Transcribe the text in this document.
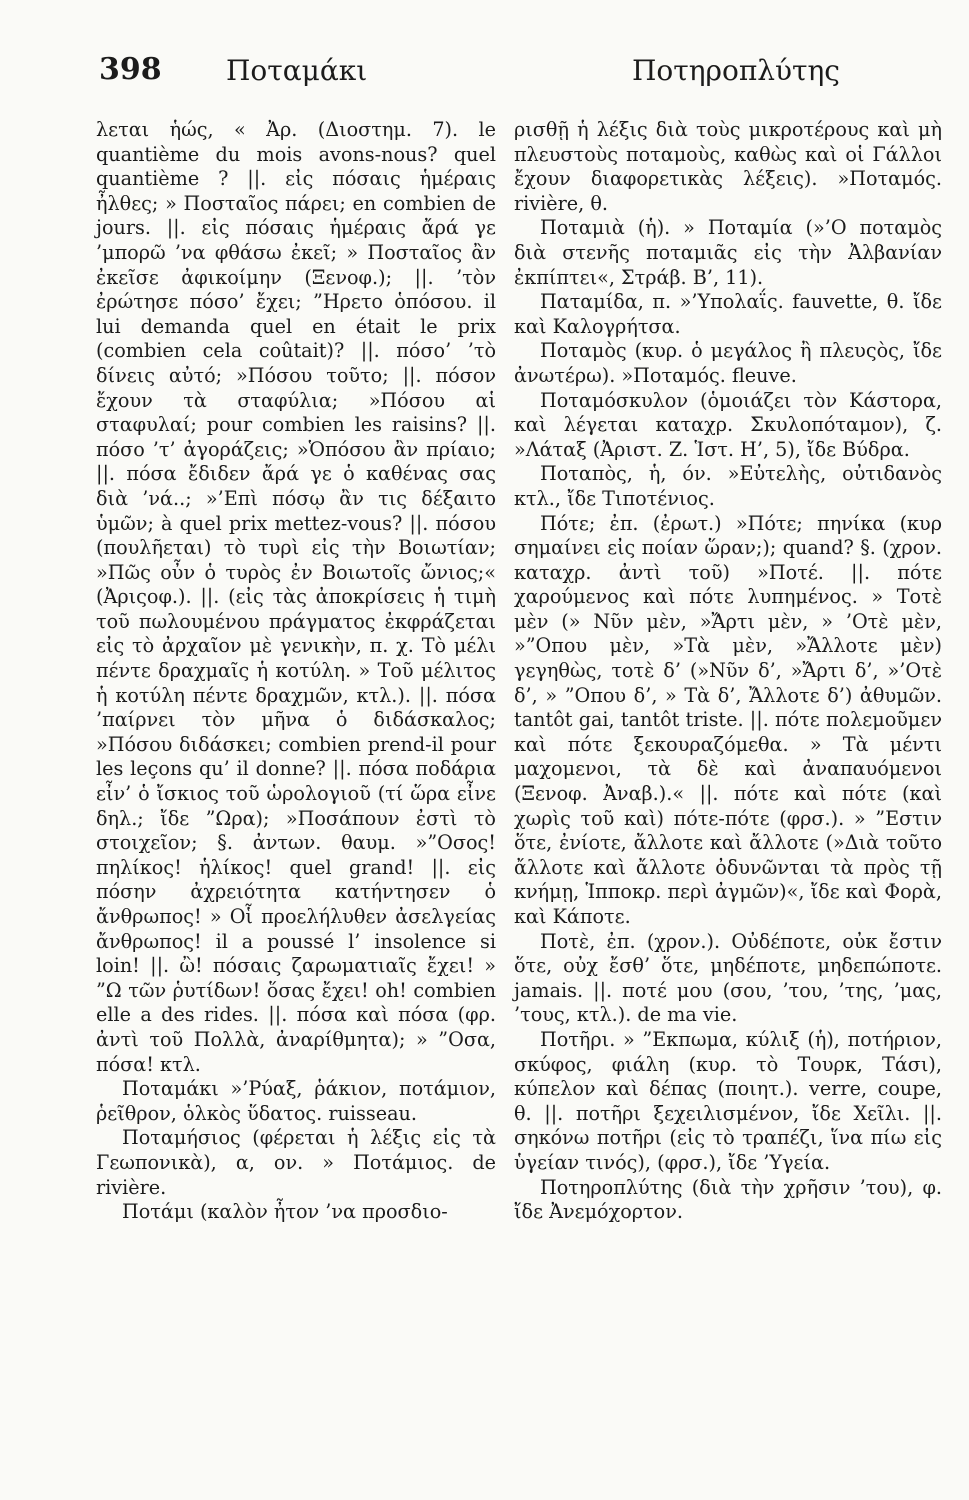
398 Ποταμάκι	Ποτηροπλύτης

λεται ἡώς, « Ἀρ. (Διοστημ. 7). le quantième du mois avons-nous? quel quantième ? ||. εἰς πόσαις ἡμέραις ἦλθες; » Ποσταῖος πάρει; en combien de jours. ||. εἰς πόσαις ἡμέραις ἄρά γε ’μπορῶ ’να φθάσω ἐκεῖ; » Ποσταῖος ἂν ἐκεῖσε ἀφικοίμην (Ξενοφ.); ||. ’τὸν ἐρώτησε πόσο’ ἔχει; ”Ηρετο ὁπόσου. il lui demanda quel en était le prix (combien cela coûtait)? ||. πόσο’ ’τὸ δίνεις αὐτό; »Πόσου τοῦτο; ||. πόσον ἔχουν τὰ σταφύλια; »Πόσου αἱ σταφυλαί; pour combien les raisins? ||. πόσο ’τ’ ἀγοράζεις; »Ὁπόσου ἂν πρίαιο; ||. πόσα ἔδιδεν ἄρά γε ὁ καθένας σας διὰ ’νά..; »’Επὶ πόσῳ ἂν τις δέξαιτο ὑμῶν; à quel prix mettez-vous? ||. πόσου (πουλῆεται) τὸ τυρὶ εἰς τὴν Βοιωτίαν; »Πῶς οὖν ὁ τυρὸς ἐν Βοιωτοῖς ὤνιος;« (Ἀριςοφ.). ||. (εἰς τὰς ἀποκρίσεις ἡ τιμὴ τοῦ πωλουμένου πράγματος ἐκφράζεται εἰς τὸ ἀρχαῖον μὲ γενικὴν, π. χ. Τὸ μέλι πέντε δραχμαῖς ἡ κοτύλη. » Τοῦ μέλιτος ἡ κοτύλη πέντε δραχμῶν, κτλ.). ||. πόσα ’παίρνει τὸν μῆνα ὁ διδάσκαλος; »Πόσου διδάσκει; combien prend-il pour les leçons qu’ il donne? ||. πόσα ποδάρια εἶν’ ὁ ἴσκιος τοῦ ὡρολογιοῦ (τί ὥρα εἶνε δηλ.; ἴδε ”Ωρα); »Ποσάπουν ἐστὶ τὸ στοιχεῖον; §. ἀντων. θαυμ. »”Οσος! πηλίκος! ἡλίκος! quel grand! ||. εἰς πόσην ἀχρειότητα κατήντησεν ὁ ἄνθρωπος! » Οἷ προελήλυθεν ἀσελγείας ἄνθρωπος! il a poussé l’ insolence si loin! ||. ὢ! πόσαις ζαρωματιαῖς ἔχει! » ”Ω τῶν ῥυτίδων! ὅσας ἔχει! oh! combien elle a des rides. ||. πόσα καὶ πόσα (φρ. ἀντὶ τοῦ Πολλὰ, ἀναρίθμητα); » ”Οσα, πόσα! κτλ.

Ποταμάκι »’Ρύαξ, ῥάκιον, ποτάμιον, ῥεῖθρον, ὁλκὸς ὕδατος. ruisseau.

Ποταμήσιος (φέρεται ἡ λέξις εἰς τὰ Γεωπονικὰ), α, ον. » Ποτάμιος. de rivière.

Ποτάμι (καλὸν ἦτον ’να προσδιο-

ρισθῇ ἡ λέξις διὰ τοὺς μικροτέρους καὶ μὴ πλευστοὺς ποταμοὺς, καθὼς καὶ οἱ Γάλλοι ἔχουν διαφορετικὰς λέξεις). »Ποταμός. rivière, θ.

Ποταμιὰ (ἡ). » Ποταμία (»’Ο ποταμὸς διὰ στενῆς ποταμιᾶς εἰς τὴν Ἀλβανίαν ἐκπίπτει«, Στράβ. Β’, 11).

Παταμίδα, π. »’Υπολαΐς. fauvette, θ. ἴδε καὶ Καλογρήτσα.

Ποταμὸς (κυρ. ὁ μεγάλος ἢ πλευςὸς, ἴδε ἀνωτέρω). »Ποταμός. fleuve.

Ποταμόσκυλον (ὁμοιάζει τὸν Κάστορα, καὶ λέγεται καταχρ. Σκυλοπόταμον), ζ. »Λάταξ (Ἀριστ. Ζ. Ἱστ. Η’, 5), ἴδε Βύδρα.

Ποταπὸς, ἡ, όν. »Εὐτελὴς, οὐτιδανὸς κτλ., ἴδε Τιποτένιος.

Πότε; ἐπ. (ἐρωτ.) »Πότε; πηνίκα (κυρ σημαίνει εἰς ποίαν ὥραν;); quand? §. (χρον. καταχρ. ἀντὶ τοῦ) »Ποτέ. ||. πότε χαρούμενος καὶ πότε λυπημένος. » Τοτὲ μὲν (» Νῦν μὲν, »Ἄρτι μὲν, » ’Οτὲ μὲν, »”Οπου μὲν, »Τὰ μὲν, »Ἄλλοτε μὲν) γεγηθὼς, τοτὲ δ’ (»Νῦν δ’, »Ἄρτι δ’, »’Οτὲ δ’, » ”Οπου δ’, » Τὰ δ’, Ἄλλοτε δ’) ἀθυμῶν. tantôt gai, tantôt triste. ||. πότε πολεμοῦμεν καὶ πότε ξεκουραζόμεθα. » Τὰ μέντι μαχομενοι, τὰ δὲ καὶ ἀναπαυόμενοι (Ξενοφ. Ἀναβ.).« ||. πότε καὶ πότε (καὶ χωρὶς τοῦ καὶ) πότε-πότε (φρσ.). » ”Εστιν ὅτε, ἐνίοτε, ἄλλοτε καὶ ἄλλοτε (»Διὰ τοῦτο ἄλλοτε καὶ ἄλλοτε ὀδυνῶνται τὰ πρὸς τῇ κνήμῃ, Ἱπποκρ. περὶ ἀγμῶν)«, ἴδε καὶ Φορὰ, καὶ Κάποτε.

Ποτὲ, ἐπ. (χρον.). Οὐδέποτε, οὐκ ἔστιν ὅτε, οὐχ ἔσθ’ ὅτε, μηδέποτε, μηδεπώποτε. jamais. ||. ποτέ μου (σου, ’του, ’της, ’μας, ’τους, κτλ.). de ma vie.

Ποτῆρι. » ”Εκπωμα, κύλιξ (ἡ), ποτήριον, σκύφος, φιάλη (κυρ. τὸ Τουρκ, Τάσι), κύπελον καὶ δέπας (ποιητ.). verre, coupe, θ. ||. ποτῆρι ξεχειλισμένον, ἴδε Χεῖλι. ||. σηκόνω ποτῆρι (εἰς τὸ τραπέζι, ἵνα πίω εἰς ὑγείαν τινός), (φρσ.), ἴδε ’Υγεία.

Ποτηροπλύτης (διὰ τὴν χρῆσιν ’του), φ. ἴδε Ἀνεμόχορτον.
